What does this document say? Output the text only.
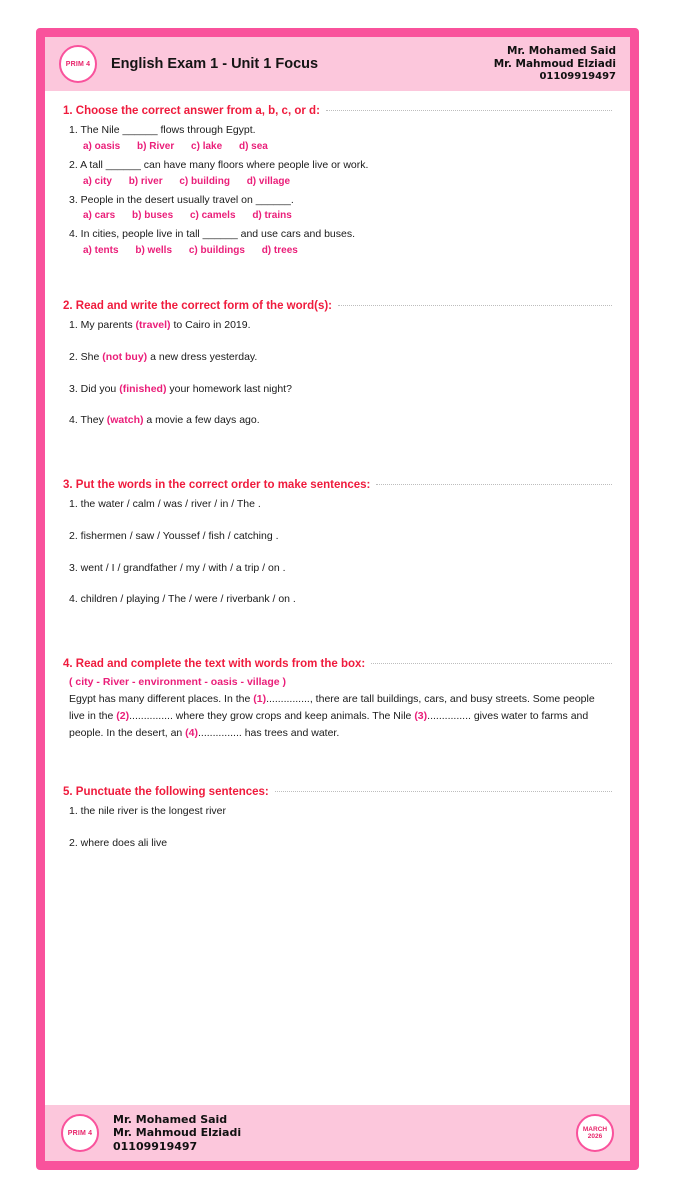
PRIM 4	English Exam 1 - Unit 1 Focus
Mr. Mohamed Said
Mr. Mahmoud Elziadi
01109919497
1. Choose the correct answer from a, b, c, or d:
1. The Nile ______ flows through Egypt.
a) oasis b) River c) lake d) sea
2. A tall ______ can have many floors where people live or work.
a) city b) river c) building d) village
3. People in the desert usually travel on ______.
a) cars b) buses c) camels d) trains
4. In cities, people live in tall ______ and use cars and buses.
a) tents b) wells c) buildings d) trees
2. Read and write the correct form of the word(s):
1. My parents (travel) to Cairo in 2019.
2. She (not buy) a new dress yesterday.
3. Did you (finished) your homework last night?
4. They (watch) a movie a few days ago.
3. Put the words in the correct order to make sentences:
1. the water / calm / was / river / in / The .
2. fishermen / saw / Youssef / fish / catching .
3. went / I / grandfather / my / with / a trip / on .
4. children / playing / The / were / riverbank / on .
4. Read and complete the text with words from the box:
( city - River - environment - oasis - village )
Egypt has many different places. In the (1)..............., there are tall buildings, cars, and busy streets. Some people live in the (2)............... where they grow crops and keep animals. The Nile (3)............... gives water to farms and people. In the desert, an (4)............... has trees and water.
5. Punctuate the following sentences:
1. the nile river is the longest river
2. where does ali live
PRIM 4
Mr. Mohamed Said
Mr. Mahmoud Elziadi
01109919497
MARCH
2026
